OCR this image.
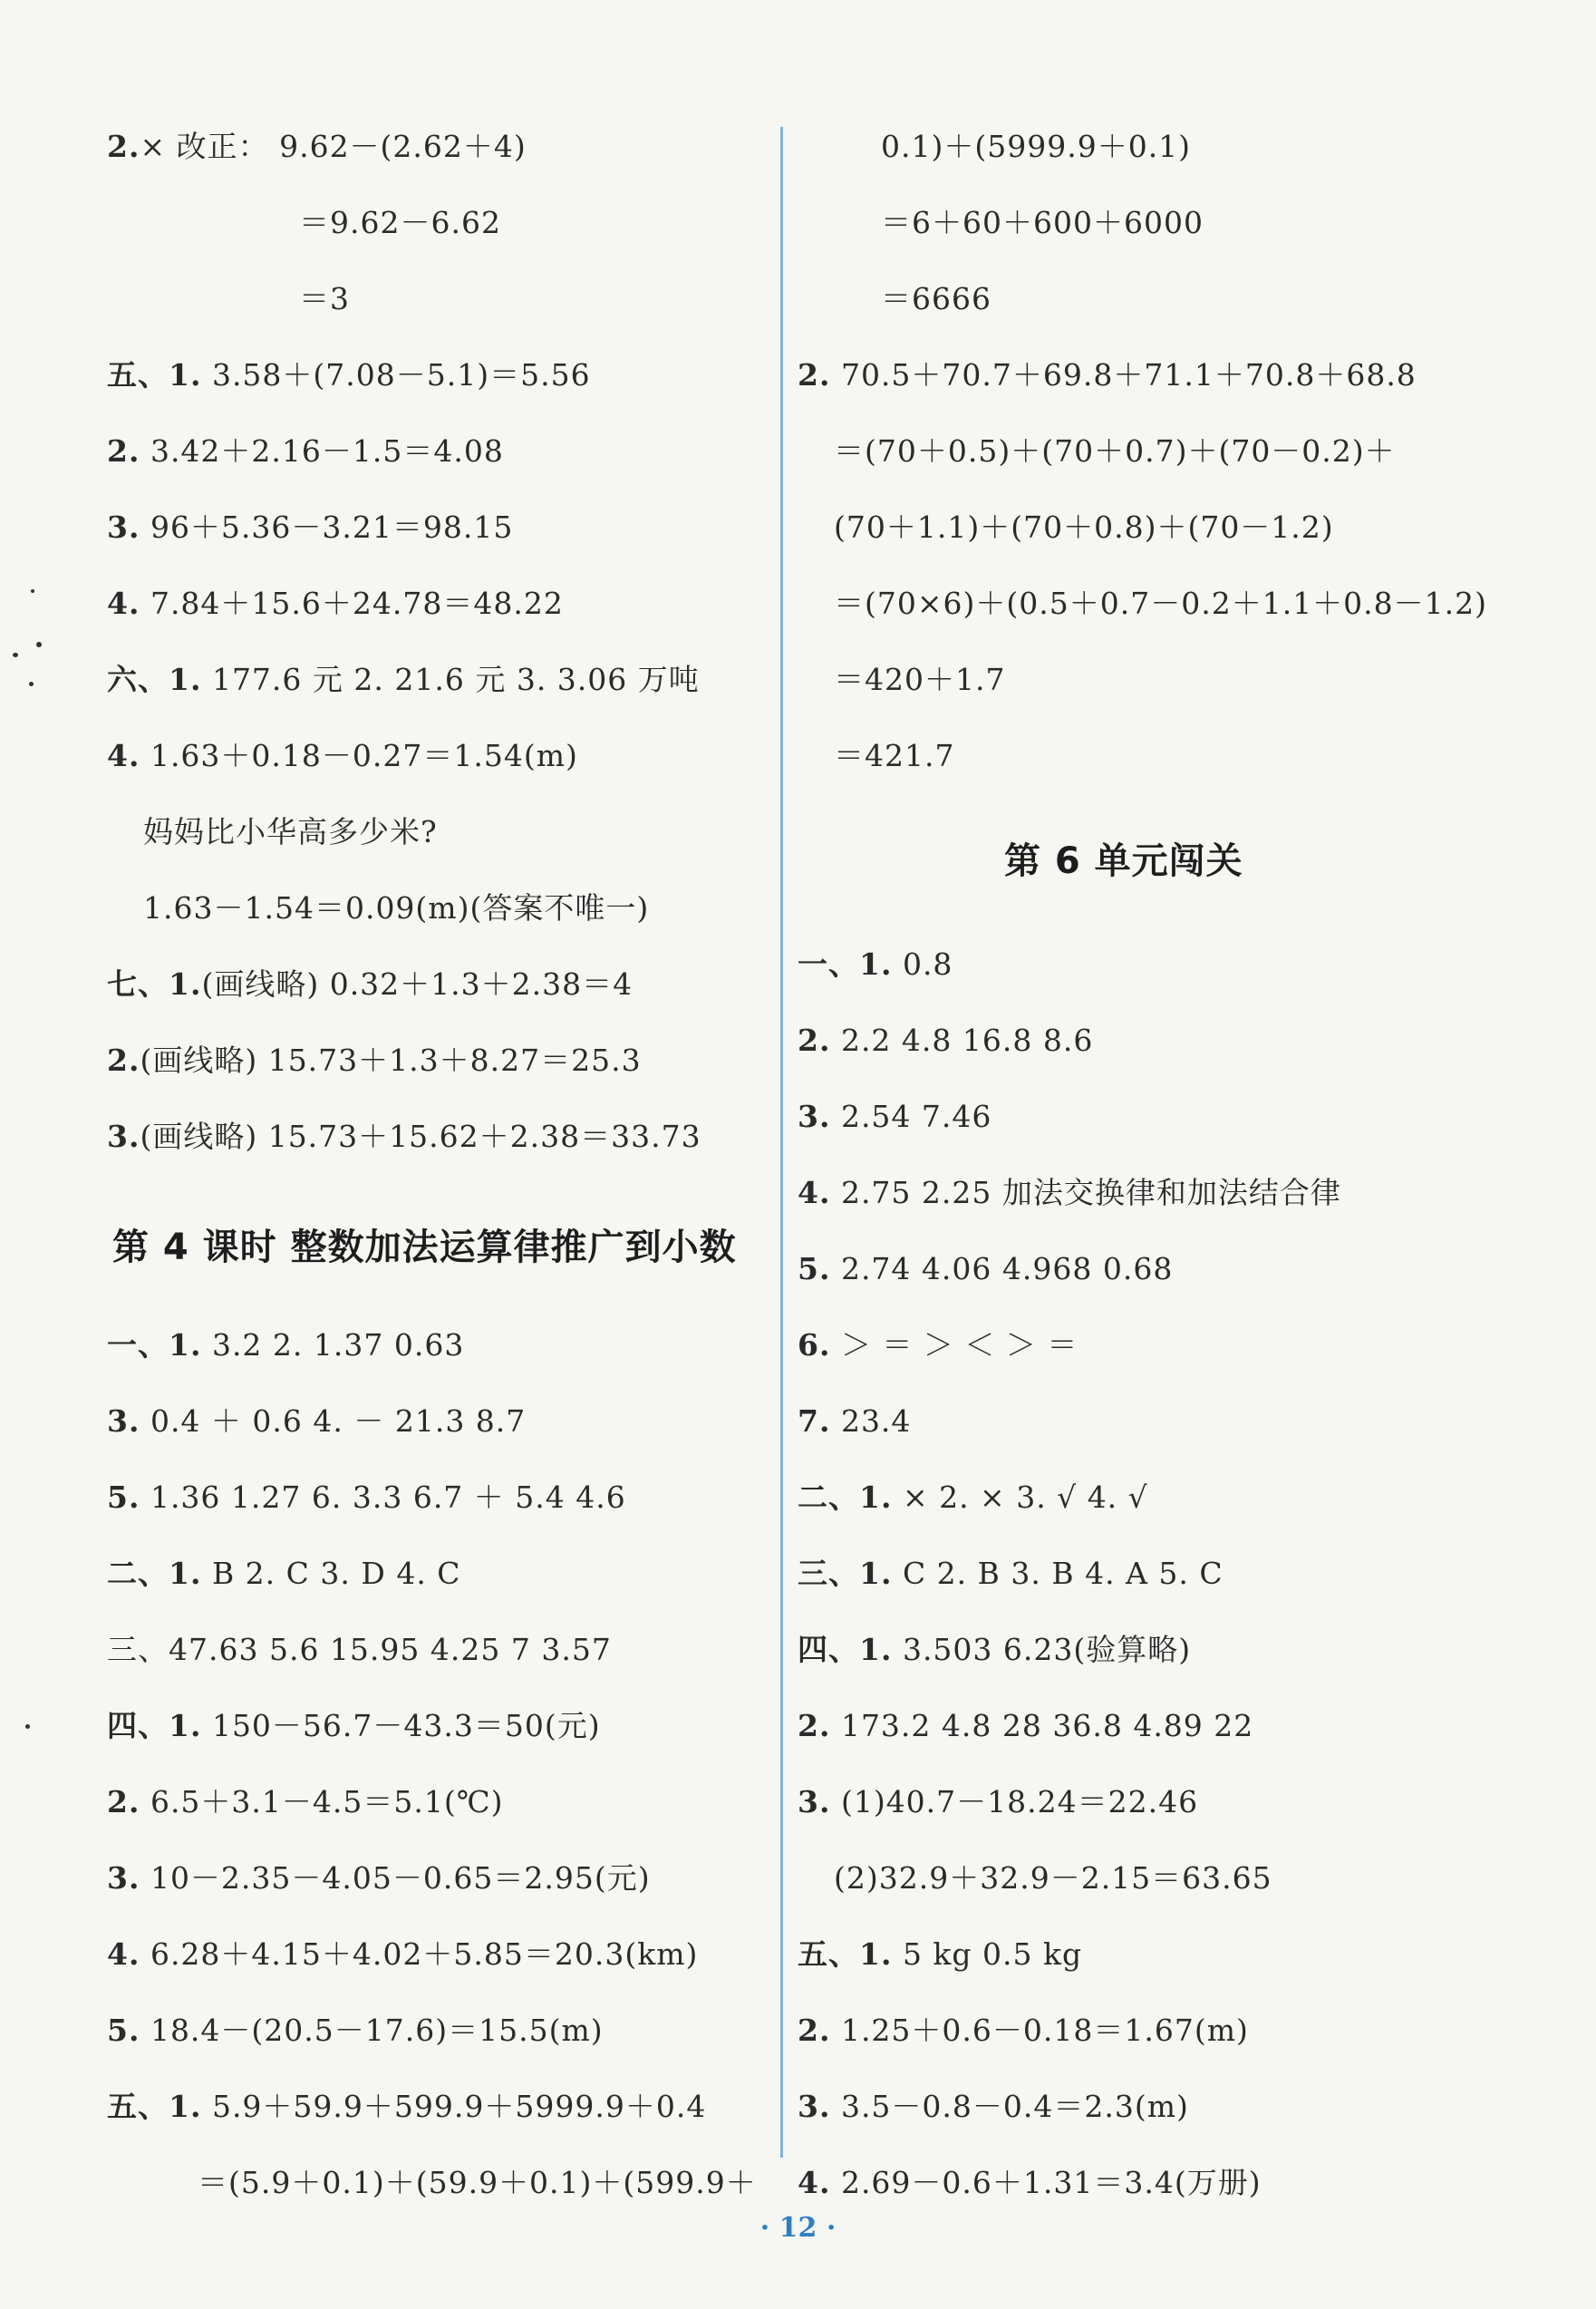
2.× 改正： 9.62－(2.62＋4)
＝9.62－6.62
＝3
五、1. 3.58＋(7.08－5.1)＝5.56
2. 3.42＋2.16－1.5＝4.08
3. 96＋5.36－3.21＝98.15
4. 7.84＋15.6＋24.78＝48.22
六、1. 177.6 元 2. 21.6 元 3. 3.06 万吨
4. 1.63＋0.18－0.27＝1.54(m)
妈妈比小华高多少米?
1.63－1.54＝0.09(m)(答案不唯一)
七、1.(画线略) 0.32＋1.3＋2.38＝4
2.(画线略) 15.73＋1.3＋8.27＝25.3
3.(画线略) 15.73＋15.62＋2.38＝33.73
一、1. 3.2 2. 1.37 0.63
3. 0.4 ＋ 0.6 4. － 21.3 8.7
5. 1.36 1.27 6. 3.3 6.7 ＋ 5.4 4.6
二、1. B 2. C 3. D 4. C
三、47.63 5.6 15.95 4.25 7 3.57
四、1. 150－56.7－43.3＝50(元)
2. 6.5＋3.1－4.5＝5.1(℃)
3. 10－2.35－4.05－0.65＝2.95(元)
4. 6.28＋4.15＋4.02＋5.85＝20.3(km)
5. 18.4－(20.5－17.6)＝15.5(m)
五、1. 5.9＋59.9＋599.9＋5999.9＋0.4
＝(5.9＋0.1)＋(59.9＋0.1)＋(599.9＋
第 4 课时 整数加法运算律推广到小数
0.1)＋(5999.9＋0.1)
＝6＋60＋600＋6000
＝6666
2. 70.5＋70.7＋69.8＋71.1＋70.8＋68.8
＝(70＋0.5)＋(70＋0.7)＋(70－0.2)＋
(70＋1.1)＋(70＋0.8)＋(70－1.2)
＝(70×6)＋(0.5＋0.7－0.2＋1.1＋0.8－1.2)
＝420＋1.7
＝421.7
一、1. 0.8
2. 2.2 4.8 16.8 8.6
3. 2.54 7.46
4. 2.75 2.25 加法交换律和加法结合律
5. 2.74 4.06 4.968 0.68
6. ＞ ＝ ＞ ＜ ＞ ＝
7. 23.4
二、1. × 2. × 3. √ 4. √
三、1. C 2. B 3. B 4. A 5. C
四、1. 3.503 6.23(验算略)
2. 173.2 4.8 28 36.8 4.89 22
3. (1)40.7－18.24＝22.46
(2)32.9＋32.9－2.15＝63.65
五、1. 5 kg 0.5 kg
2. 1.25＋0.6－0.18＝1.67(m)
3. 3.5－0.8－0.4＝2.3(m)
4. 2.69－0.6＋1.31＝3.4(万册)
第 6 单元闯关
· 12 ·
